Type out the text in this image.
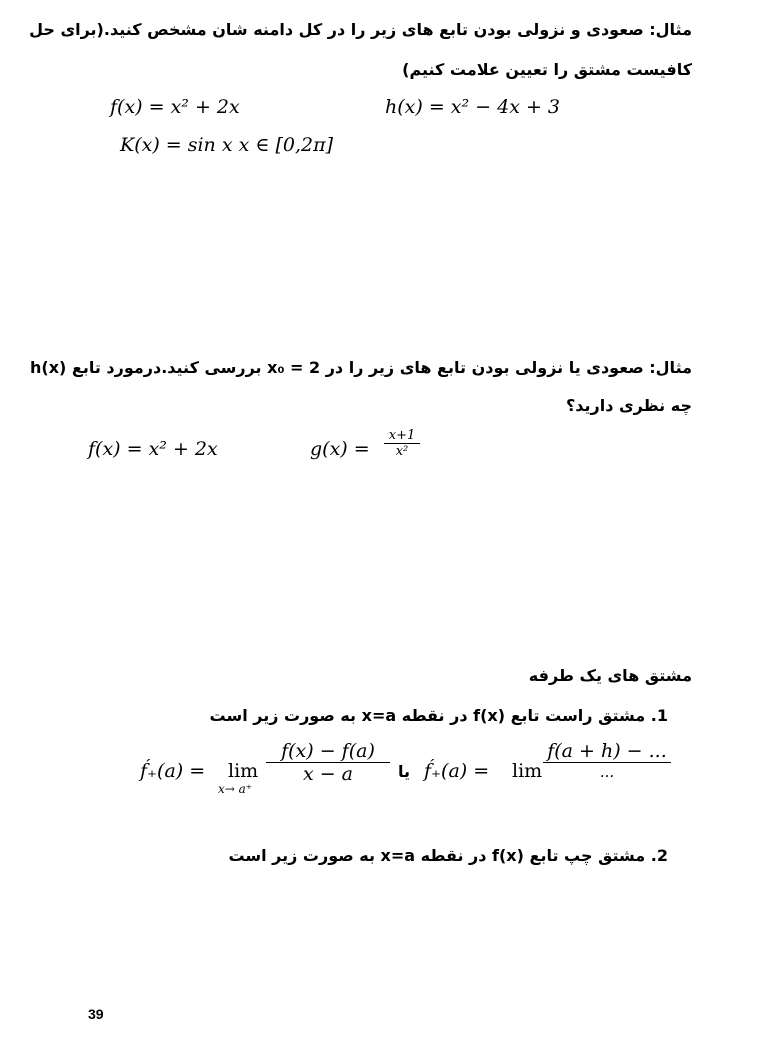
مثال: صعودی و نزولی بودن تابع های زیر را در کل دامنه شان مشخص کنید.(برای حل
کافیست مشتق را تعیین علامت کنیم)
f(x) = x² + 2x	h(x) = x² − 4x + 3
K(x) = sin x x ∈ [0,2π]
مثال: صعودی یا نزولی بودن تابع های زیر را در x₀ = 2 بررسی کنید.درمورد تابع h(x)
چه نظری دارید؟
f(x) = x² + 2x	g(x) =
x+1
x²
مشتق های یک طرفه
1. مشتق راست تابع f(x) در نقطه x=a به صورت زیر است
f́₊(a) = lim
x→ a⁺
f(x) − f(a)
x − a	یا f́₊(a) = lim
f(a + h) − ...
...
2. مشتق چپ تابع f(x) در نقطه x=a به صورت زیر است
39
